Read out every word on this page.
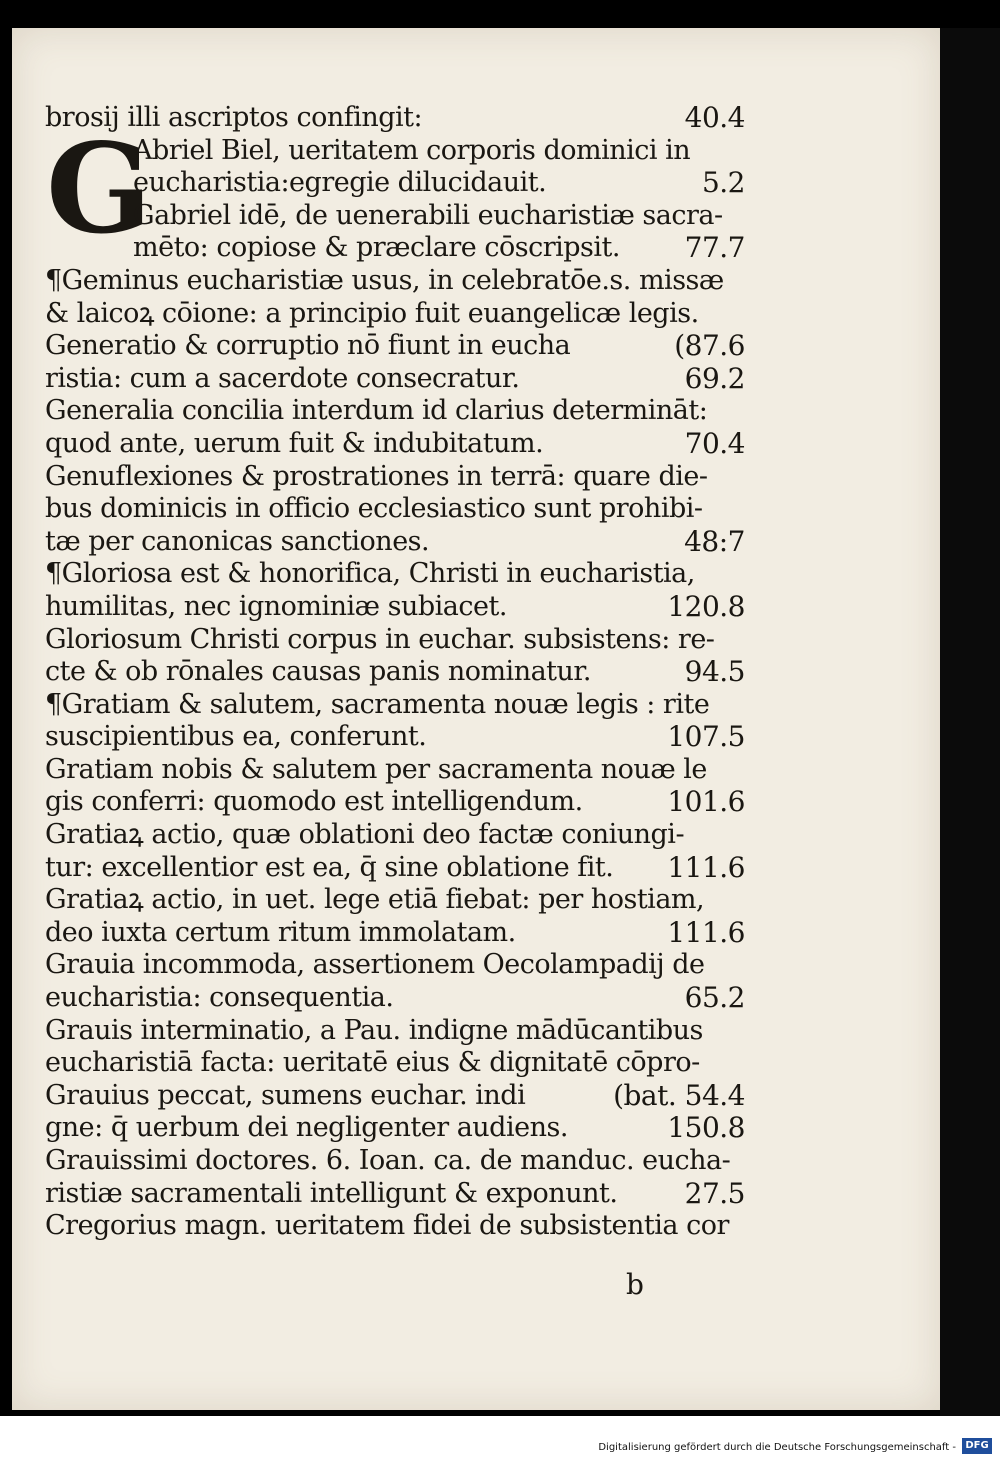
G
brosij illi ascriptos confingit:	40.4
Abriel Biel, ueritatem corporis dominici in
eucharistia:egregie dilucidauit.	5.2
Gabriel idē, de uenerabili eucharistiæ sacra-
mēto: copiose & præclare cōscripsit. 77.7
¶Geminus eucharistiæ usus, in celebratōe.s. missæ
& laicoꝝ cōione: a principio fuit euangelicæ legis.
Generatio & corruptio nō fiunt in eucha	(87.6
ristia: cum a sacerdote consecratur.	69.2
Generalia concilia interdum id clarius determināt:
quod ante, uerum fuit & indubitatum.	70.4
Genuflexiones & prostrationes in terrā: quare die-
bus dominicis in officio ecclesiastico sunt prohibi-
tæ per canonicas sanctiones.	48:7
¶Gloriosa est & honorifica, Christi in eucharistia,
humilitas, nec ignominiæ subiacet.	120.8
Gloriosum Christi corpus in euchar. subsistens: re-
cte & ob rōnales causas panis nominatur.	94.5
¶Gratiam & salutem, sacramenta nouæ legis : rite
suscipientibus ea, conferunt.	107.5
Gratiam nobis & salutem per sacramenta nouæ le
gis conferri: quomodo est intelligendum.	101.6
Gratiaꝝ actio, quæ oblationi deo factæ coniungi-
tur: excellentior est ea, q̄ sine oblatione fit. 111.6
Gratiaꝝ actio, in uet. lege etiā fiebat: per hostiam,
deo iuxta certum ritum immolatam.	111.6
Grauia incommoda, assertionem Oecolampadij de
eucharistia: consequentia.	65.2
Grauis interminatio, a Pau. indigne mādūcantibus
eucharistiā facta: ueritatē eius & dignitatē cōpro-
Grauius peccat, sumens euchar. indi	(bat. 54.4
gne: q̄ uerbum dei negligenter audiens.	150.8
Grauissimi doctores. 6. Ioan. ca. de manduc. eucha-
ristiæ sacramentali intelligunt & exponunt. 27.5
Cregorius magn. ueritatem fidei de subsistentia cor
b
Digitalisierung gefördert durch die Deutsche Forschungsgemeinschaft - DFG
